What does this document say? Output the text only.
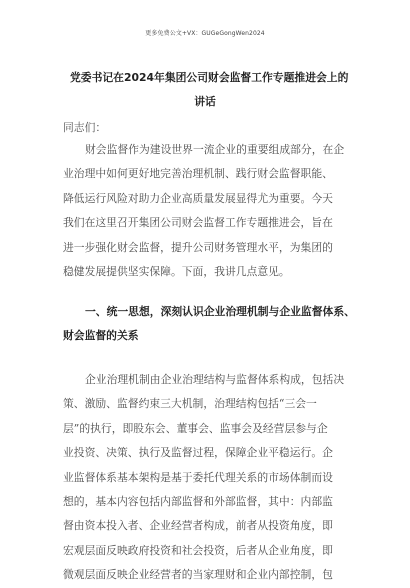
更多免费公文+VX：GUGeGongWen2024
党委书记在2024年集团公司财会监督工作专题推进会上的
讲话
同志们：
财会监督作为建设世界一流企业的重要组成部分，在企
业治理中如何更好地完善治理机制、践行财会监督职能、
降低运行风险对助力企业高质量发展显得尤为重要。今天
我们在这里召开集团公司财会监督工作专题推进会，旨在
进一步强化财会监督，提升公司财务管理水平，为集团的
稳健发展提供坚实保障。下面，我讲几点意见。
一、统一思想，深刻认识企业治理机制与企业监督体系、
财会监督的关系
企业治理机制由企业治理结构与监督体系构成，包括决
策、激励、监督约束三大机制，治理结构包括“三会一
层”的执行，即股东会、董事会、监事会及经营层参与企
业投资、决策、执行及监督过程，保障企业平稳运行。企
业监督体系基本架构是基于委托代理关系的市场体制而设
想的，基本内容包括内部监督和外部监督，其中：内部监
督由资本投入者、企业经营者构成，前者从投资角度，即
宏观层面反映政府投资和社会投资，后者从企业角度，即
微观层面反映企业经营者的当家理财和企业内部控制，包
